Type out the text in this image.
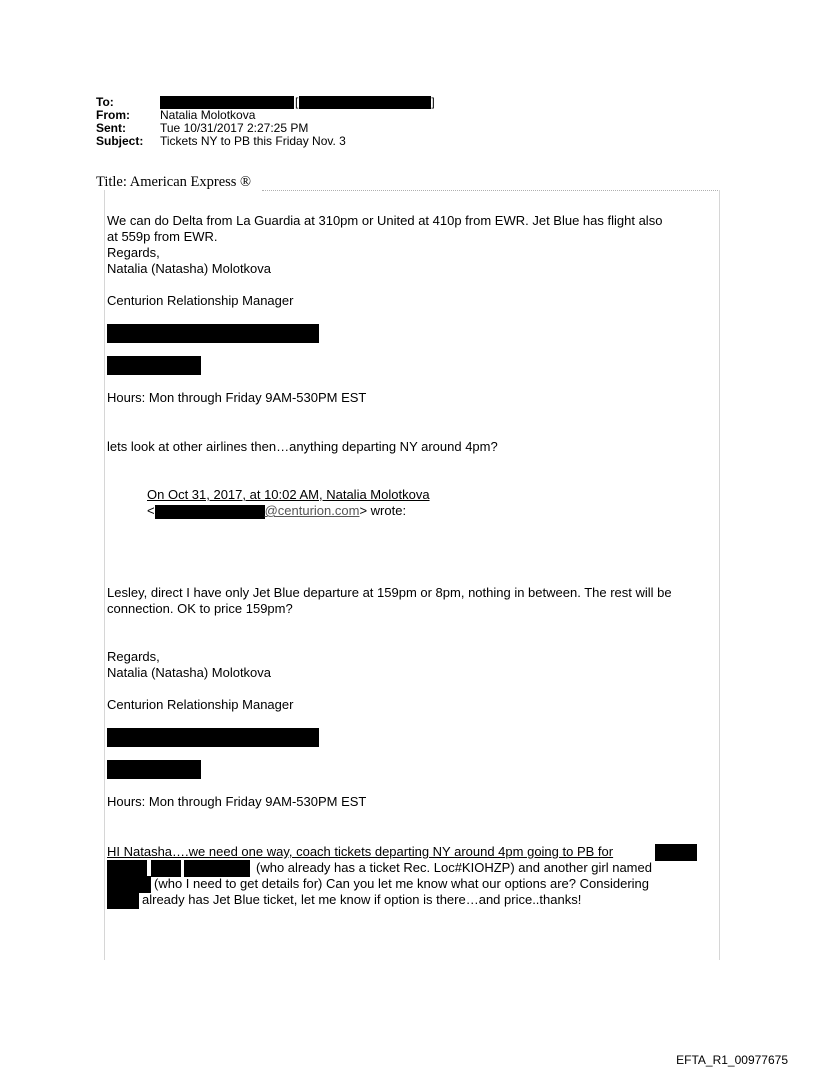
To:	[	]
From:	Natalia Molotkova
Sent:	Tue 10/31/2017 2:27:25 PM
Subject:	Tickets NY to PB this Friday Nov. 3
Title: American Express ®
We can do Delta from La Guardia at 310pm or United at 410p from EWR. Jet Blue has flight also
at 559p from EWR.
Regards,
Natalia (Natasha) Molotkova
Centurion Relationship Manager
Hours: Mon through Friday 9AM-530PM EST
lets look at other airlines then…anything departing NY around 4pm?
On Oct 31, 2017, at 10:02 AM, Natalia Molotkova
<	@centurion.com> wrote:
Lesley, direct I have only Jet Blue departure at 159pm or 8pm, nothing in between. The rest will be
connection. OK to price 159pm?
Regards,
Natalia (Natasha) Molotkova
Centurion Relationship Manager
Hours: Mon through Friday 9AM-530PM EST
HI Natasha….we need one way, coach tickets departing NY around 4pm going to PB for
(who already has a ticket Rec. Loc#KIOHZP) and another girl named
(who I need to get details for) Can you let me know what our options are? Considering
already has Jet Blue ticket, let me know if option is there…and price..thanks!
EFTA_R1_00977675
